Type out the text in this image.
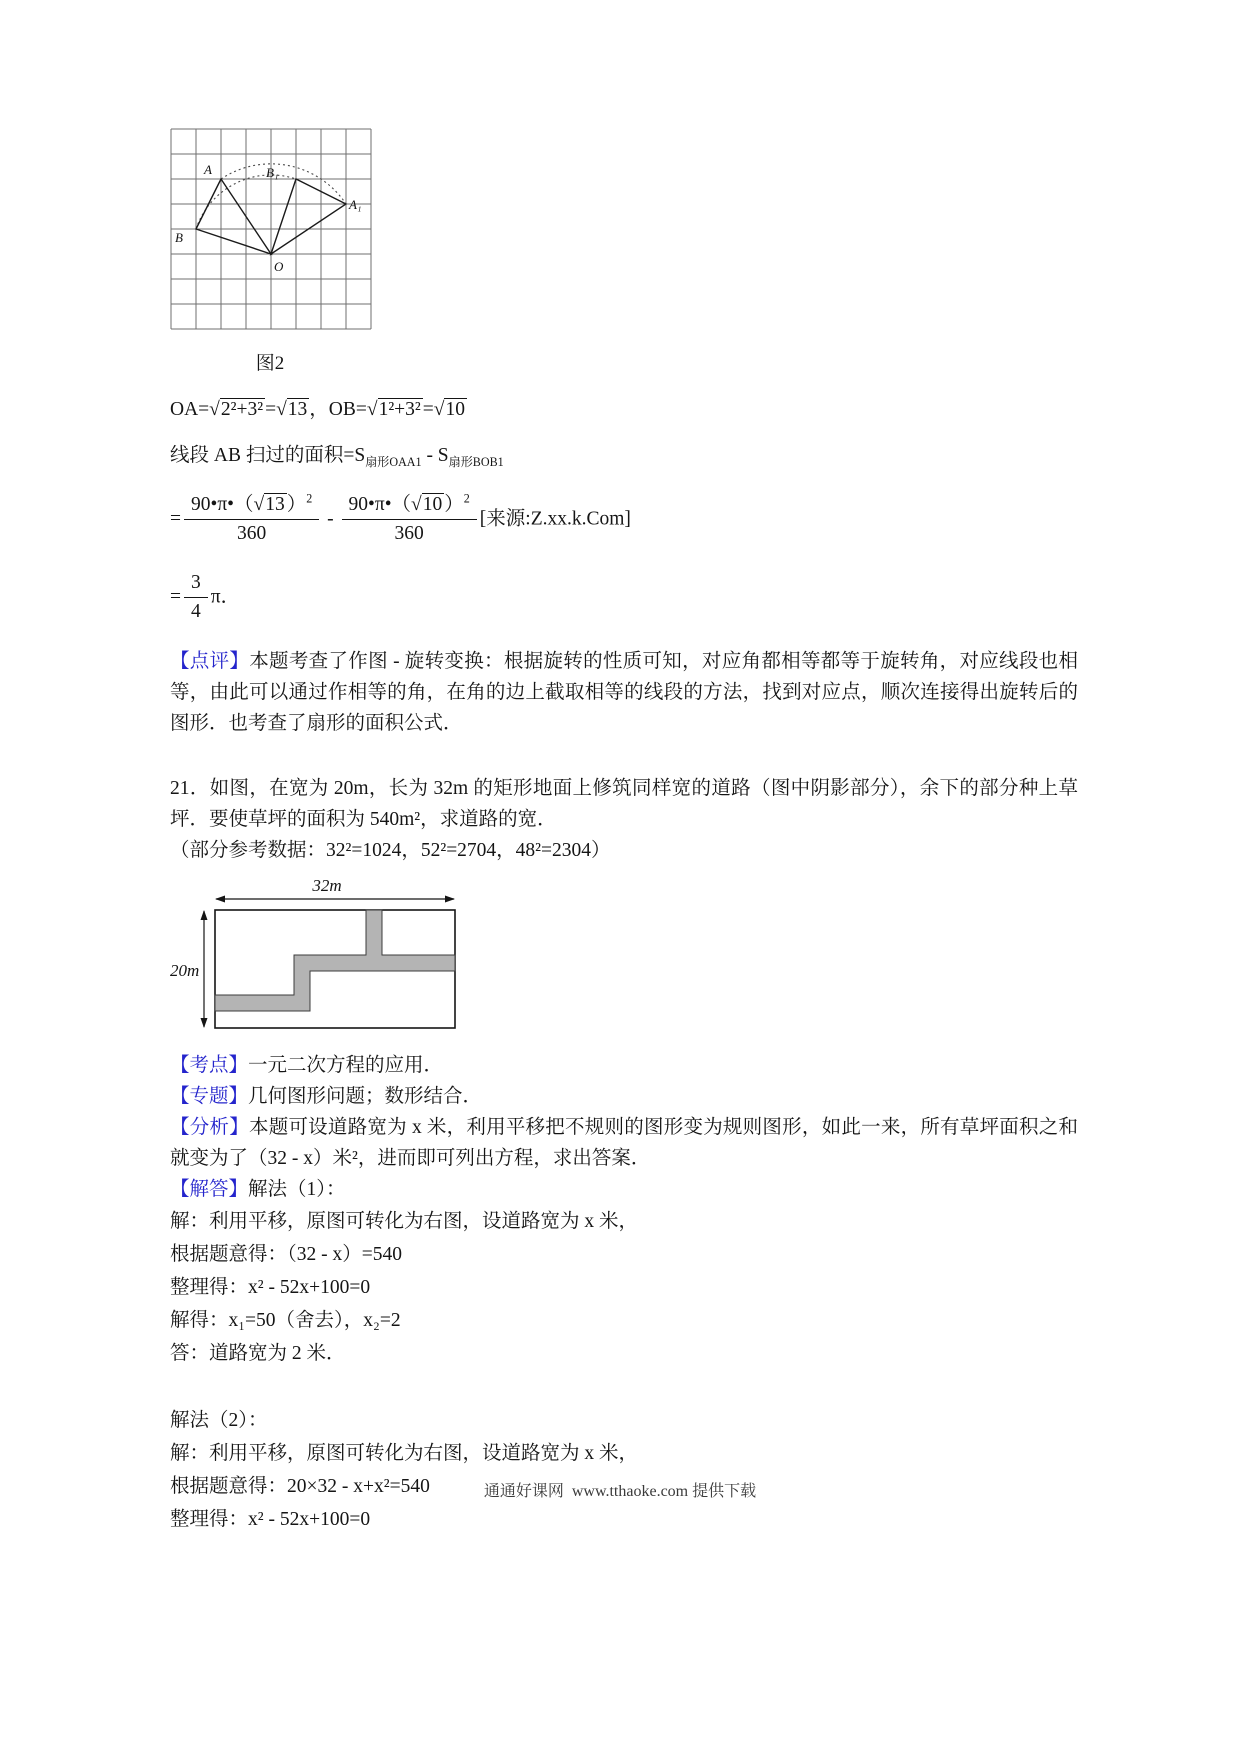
A
B
O
B₁
A₁
图2
OA=√2²+3² =√13 ，OB=√1²+3² =√10
线段 AB 扫过的面积$=S_{扇形OAA1} - S_{扇形BOB1}$
= $\frac{90•\pi•(√13 )^2}{360} - \frac{90•\pi•(√10 )^2}{360}$ [来源:Z.xx.k.Com]
= $\frac{3}{4}$ π．

【点评】本题考查了作图 - 旋转变换：根据旋转的性质可知，对应角都相等都等于旋转角，对应线段也相等，由此可以通过作相等的角，在角的边上截取相等的线段的方法，找到对应点，顺次连接得出旋转后的图形．也考查了扇形的面积公式．

21．如图，在宽为 20m，长为 32m 的矩形地面上修筑同样宽的道路（图中阴影部分），余下的部分种上草坪．要使草坪的面积为 540m²，求道路的宽．

（部分参考数据：32²=1024，52²=2704，48²=2304）

32m
20m

【考点】一元二次方程的应用．

【专题】几何图形问题；数形结合．

【分析】本题可设道路宽为 x 米，利用平移把不规则的图形变为规则图形，如此一来，所有草坪面积之和就变为了（32 - x）米²，进而即可列出方程，求出答案．

【解答】解法（1）：

解：利用平移，原图可转化为右图，设道路宽为 x 米，
根据题意得：（32 - x）=540
整理得：x² - 52x+100=0
解得：x₁=50（舍去），x₂=2
答：道路宽为 2 米．
解法（2）：
解：利用平移，原图可转化为右图，设道路宽为 x 米，
根据题意得：20×32 - x+x²=540
整理得：x² - 52x+100=0
通通好课网  www.tthaoke.com 提供下载
